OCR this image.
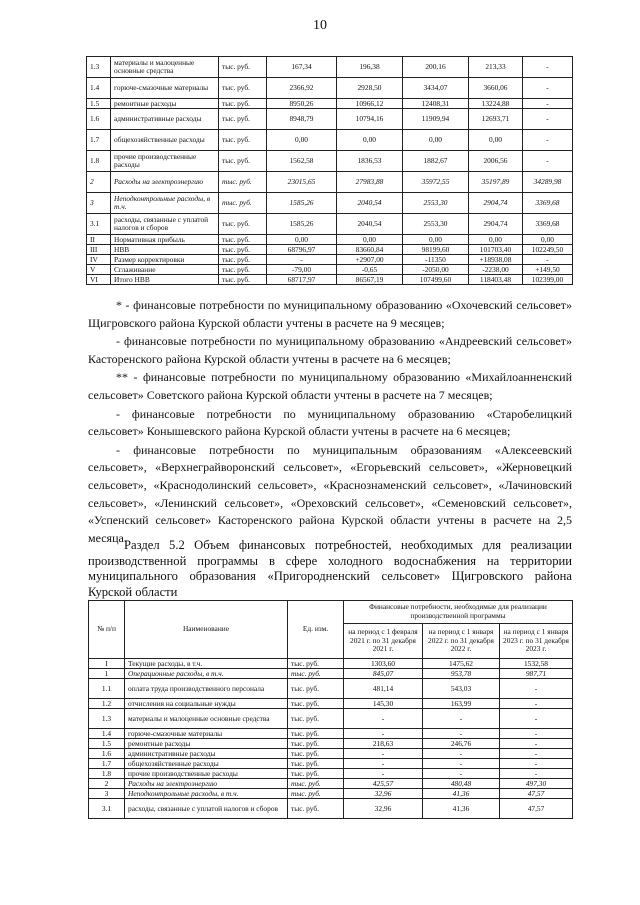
10
1.3	материалы и малоценные основные средства	тыс. руб.	167,34	196,38	200,16	213,33	-
1.4	горюче-смазочные материалы	тыс. руб.	2366,92	2928,50	3434,07	3660,06	-
1.5	ремонтные расходы	тыс. руб.	8950,26	10966,12	12408,31	13224,88	-
1.6	административные расходы	тыс. руб.	8948,79	10794,16	11909,94	12693,71	-
1.7	общехозяйственные расходы	тыс. руб.	0,00	0,00	0,00	0,00	-
1.8	прочие производственные расходы	тыс. руб.	1562,58	1836,53	1882,67	2006,56	-
2	Расходы на электроэнергию	тыс. руб.	23015,65	27983,88	35972,55	35197,89	34289,98
3	Неподконтрольные расходы, в т.ч.	тыс. руб.	1585,26	2040,54	2553,30	2904,74	3369,68
3.1	расходы, связанные с уплатой налогов и сборов	тыс. руб.	1585,26	2040,54	2553,30	2904,74	3369,68
II	Нормативная прибыль	тыс. руб.	0,00	0,00	0,00	0,00	0,00
III	НВВ	тыс. руб.	68796,97	83660,84	98199,60	101703,40	102249,50
IV	Размер корректировки	тыс. руб.	-	+2907,00	-11350	+18938,08	-
V	Сглаживание	тыс. руб.	-79,00	-0,65	-2050,00	-2238,00	+149,50
VI	Итого НВВ	тыс. руб.	68717,97	86567,19	107499,60	118403,48	102399,00

* - финансовые потребности по муниципальному образованию «Охочевский сельсовет» Щигровского района Курской области учтены в расчете на 9 месяцев;

- финансовые потребности по муниципальному образованию «Андреевский сельсовет» Касторенского района Курской области учтены в расчете на 6 месяцев;

** - финансовые потребности по муниципальному образованию «Михайлоанненский сельсовет» Советского района Курской области учтены в расчете на 7 месяцев;

- финансовые потребности по муниципальному образованию «Старобелицкий сельсовет» Конышевского района Курской области учтены в расчете на 6 месяцев;

- финансовые потребности по муниципальным образованиям «Алексеевский сельсовет», «Верхнеграйворонский сельсовет», «Егорьевский сельсовет», «Жерновецкий сельсовет», «Краснодолинский сельсовет», «Краснознаменский сельсовет», «Лачиновский сельсовет», «Ленинский сельсовет», «Ореховский сельсовет», «Семеновский сельсовет», «Успенский сельсовет» Касторенского района Курской области учтены в расчете на 2,5 месяца.

Раздел 5.2 Объем финансовых потребностей, необходимых для реализации производственной программы в сфере холодного водоснабжения на территории муниципального образования «Пригородненский сельсовет» Щигровского района Курской области

№ п/п	Наименование	Ед. изм.	Финансовые потребности, необходимые для реализации производственной программы		
			на период с 1 февраля 2021 г. по 31 декабря 2021 г.	на период с 1 января 2022 г. по 31 декабря 2022 г.	на период с 1 января 2023 г. по 31 декабря 2023 г.
I	Текущие расходы, в т.ч.	тыс. руб.	1303,60	1475,62	1532,58
1	Операционные расходы, в т.ч.	тыс. руб.	845,07	953,78	987,71
1.1	оплата труда производственного персонала	тыс. руб.	481,14	543,03	-
1.2	отчисления на социальные нужды	тыс. руб.	145,30	163,99	-
1.3	материалы и малоценные основные средства	тыс. руб.	-	-	-
1.4	горюче-смазочные материалы	тыс. руб.	-	-	-
1.5	ремонтные расходы	тыс. руб.	218,63	246,76	-
1.6	административные расходы	тыс. руб.	-	-	-
1.7	общехозяйственные расходы	тыс. руб.	-	-	-
1.8	прочие производственные расходы	тыс. руб.	-	-	-
2	Расходы на электроэнергию	тыс. руб.	425,57	480,48	497,30
3	Неподконтрольные расходы, в т.ч.	тыс. руб.	32,96	41,36	47,57
3.1	расходы, связанные с уплатой налогов и сборов	тыс. руб.	32,96	41,36	47,57
